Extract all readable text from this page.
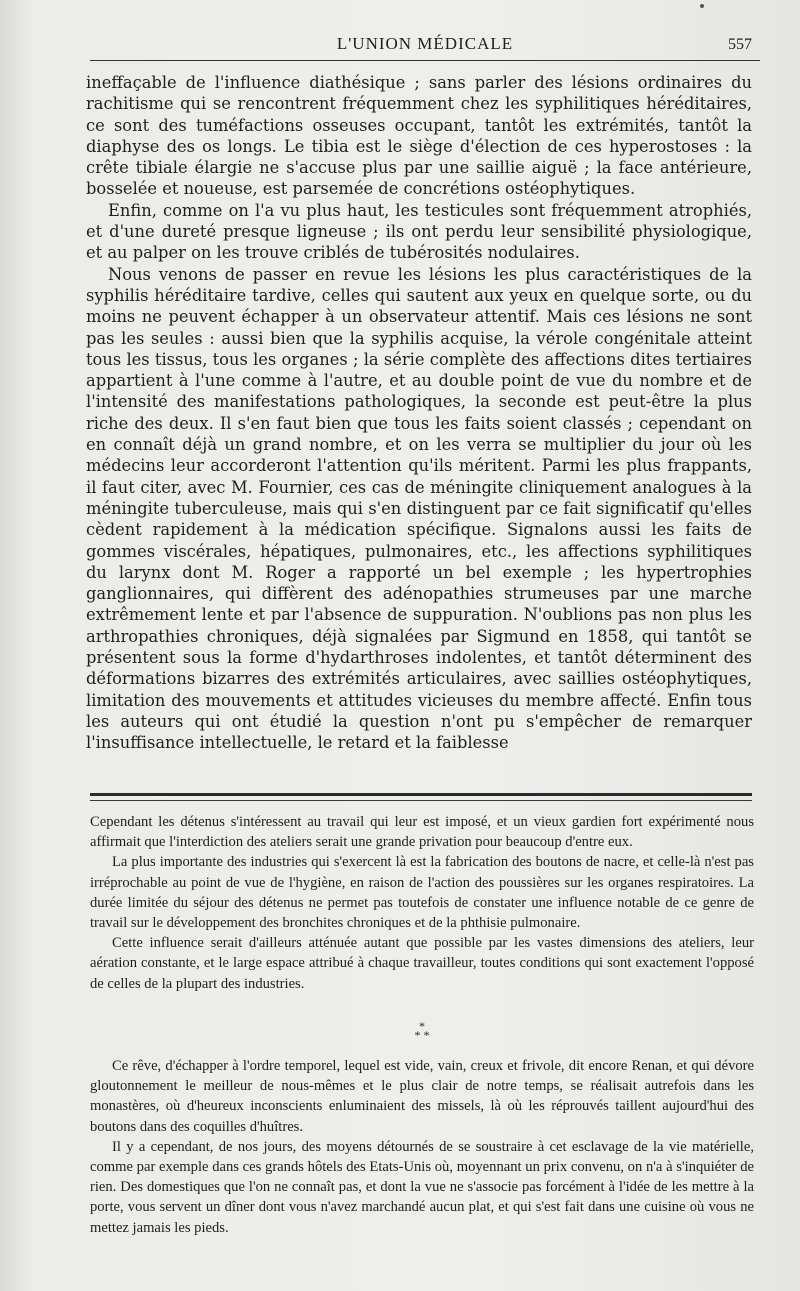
L'UNION MÉDICALE	557

ineffaçable de l'influence diathésique ; sans parler des lésions ordinaires du rachitisme qui se rencontrent fréquemment chez les syphilitiques héréditaires, ce sont des tuméfactions osseuses occupant, tantôt les extrémités, tantôt la diaphyse des os longs. Le tibia est le siège d'élection de ces hyperostoses : la crête tibiale élargie ne s'accuse plus par une saillie aiguë ; la face antérieure, bosselée et noueuse, est parsemée de concrétions ostéophytiques.

Enfin, comme on l'a vu plus haut, les testicules sont fréquemment atrophiés, et d'une dureté presque ligneuse ; ils ont perdu leur sensibilité physiologique, et au palper on les trouve criblés de tubérosités nodulaires.

Nous venons de passer en revue les lésions les plus caractéristiques de la syphilis héréditaire tardive, celles qui sautent aux yeux en quelque sorte, ou du moins ne peuvent échapper à un observateur attentif. Mais ces lésions ne sont pas les seules : aussi bien que la syphilis acquise, la vérole congénitale atteint tous les tissus, tous les organes ; la série complète des affections dites tertiaires appartient à l'une comme à l'autre, et au double point de vue du nombre et de l'intensité des manifestations pathologiques, la seconde est peut-être la plus riche des deux. Il s'en faut bien que tous les faits soient classés ; cependant on en connaît déjà un grand nombre, et on les verra se multiplier du jour où les médecins leur accorderont l'attention qu'ils méritent. Parmi les plus frappants, il faut citer, avec M. Fournier, ces cas de méningite cliniquement analogues à la méningite tuberculeuse, mais qui s'en distinguent par ce fait significatif qu'elles cèdent rapidement à la médication spécifique. Signalons aussi les faits de gommes viscérales, hépatiques, pulmonaires, etc., les affections syphilitiques du larynx dont M. Roger a rapporté un bel exemple ; les hypertrophies ganglionnaires, qui diffèrent des adénopathies strumeuses par une marche extrêmement lente et par l'absence de suppuration. N'oublions pas non plus les arthropathies chroniques, déjà signalées par Sigmund en 1858, qui tantôt se présentent sous la forme d'hydarthroses indolentes, et tantôt déterminent des déformations bizarres des extrémités articulaires, avec saillies ostéophytiques, limitation des mouvements et attitudes vicieuses du membre affecté. Enfin tous les auteurs qui ont étudié la question n'ont pu s'empêcher de remarquer l'insuffisance intellectuelle, le retard et la faiblesse

Cependant les détenus s'intéressent au travail qui leur est imposé, et un vieux gardien fort expérimenté nous affirmait que l'interdiction des ateliers serait une grande privation pour beaucoup d'entre eux.

La plus importante des industries qui s'exercent là est la fabrication des boutons de nacre, et celle-là n'est pas irréprochable au point de vue de l'hygiène, en raison de l'action des poussières sur les organes respiratoires. La durée limitée du séjour des détenus ne permet pas toutefois de constater une influence notable de ce genre de travail sur le développement des bronchites chroniques et de la phthisie pulmonaire.

Cette influence serait d'ailleurs atténuée autant que possible par les vastes dimensions des ateliers, leur aération constante, et le large espace attribué à chaque travailleur, toutes conditions qui sont exactement l'opposé de celles de la plupart des industries.

*
* *

Ce rêve, d'échapper à l'ordre temporel, lequel est vide, vain, creux et frivole, dit encore Renan, et qui dévore gloutonnement le meilleur de nous-mêmes et le plus clair de notre temps, se réalisait autrefois dans les monastères, où d'heureux inconscients enluminaient des missels, là où les réprouvés taillent aujourd'hui des boutons dans des coquilles d'huîtres.

Il y a cependant, de nos jours, des moyens détournés de se soustraire à cet esclavage de la vie matérielle, comme par exemple dans ces grands hôtels des Etats-Unis où, moyennant un prix convenu, on n'a à s'inquiéter de rien. Des domestiques que l'on ne connaît pas, et dont la vue ne s'associe pas forcément à l'idée de les mettre à la porte, vous servent un dîner dont vous n'avez marchandé aucun plat, et qui s'est fait dans une cuisine où vous ne mettez jamais les pieds.
